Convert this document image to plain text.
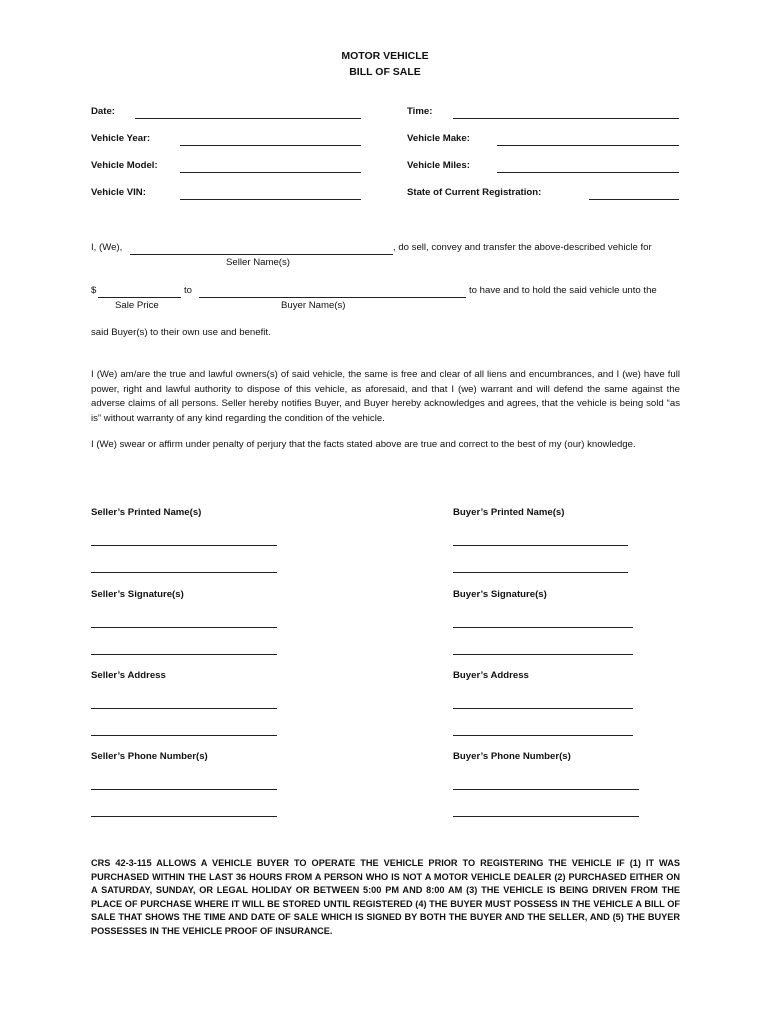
MOTOR VEHICLE
BILL OF SALE
Date:	Time:
Vehicle Year:	Vehicle Make:
Vehicle Model:	Vehicle Miles:
Vehicle VIN:	State of Current Registration:
I, (We),	, do sell, convey and transfer the above-described vehicle for
Seller Name(s)
$	to	to have and to hold the said vehicle unto the
Sale Price	Buyer Name(s)
said Buyer(s) to their own use and benefit.
I (We) am/are the true and lawful owners(s) of said vehicle, the same is free and clear of all liens and encumbrances, and I (we) have full power, right and lawful authority to dispose of this vehicle, as aforesaid, and that I (we) warrant and will defend the same against the adverse claims of all persons. Seller hereby notifies Buyer, and Buyer hereby acknowledges and agrees, that the vehicle is being sold “as is” without warranty of any kind regarding the condition of the vehicle.
I (We) swear or affirm under penalty of perjury that the facts stated above are true and correct to the best of my (our) knowledge.
Seller’s Printed Name(s)	Buyer’s Printed Name(s)
Seller’s Signature(s)	Buyer’s Signature(s)
Seller’s Address	Buyer’s Address
Seller’s Phone Number(s)	Buyer’s Phone Number(s)
CRS 42-3-115 ALLOWS A VEHICLE BUYER TO OPERATE THE VEHICLE PRIOR TO REGISTERING THE VEHICLE IF (1) IT WAS PURCHASED WITHIN THE LAST 36 HOURS FROM A PERSON WHO IS NOT A MOTOR VEHICLE DEALER (2) PURCHASED EITHER ON A SATURDAY, SUNDAY, OR LEGAL HOLIDAY OR BETWEEN 5:00 PM AND 8:00 AM (3) THE VEHICLE IS BEING DRIVEN FROM THE PLACE OF PURCHASE WHERE IT WILL BE STORED UNTIL REGISTERED (4) THE BUYER MUST POSSESS IN THE VEHICLE A BILL OF SALE THAT SHOWS THE TIME AND DATE OF SALE WHICH IS SIGNED BY BOTH THE BUYER AND THE SELLER, AND (5) THE BUYER POSSESSES IN THE VEHICLE PROOF OF INSURANCE.
